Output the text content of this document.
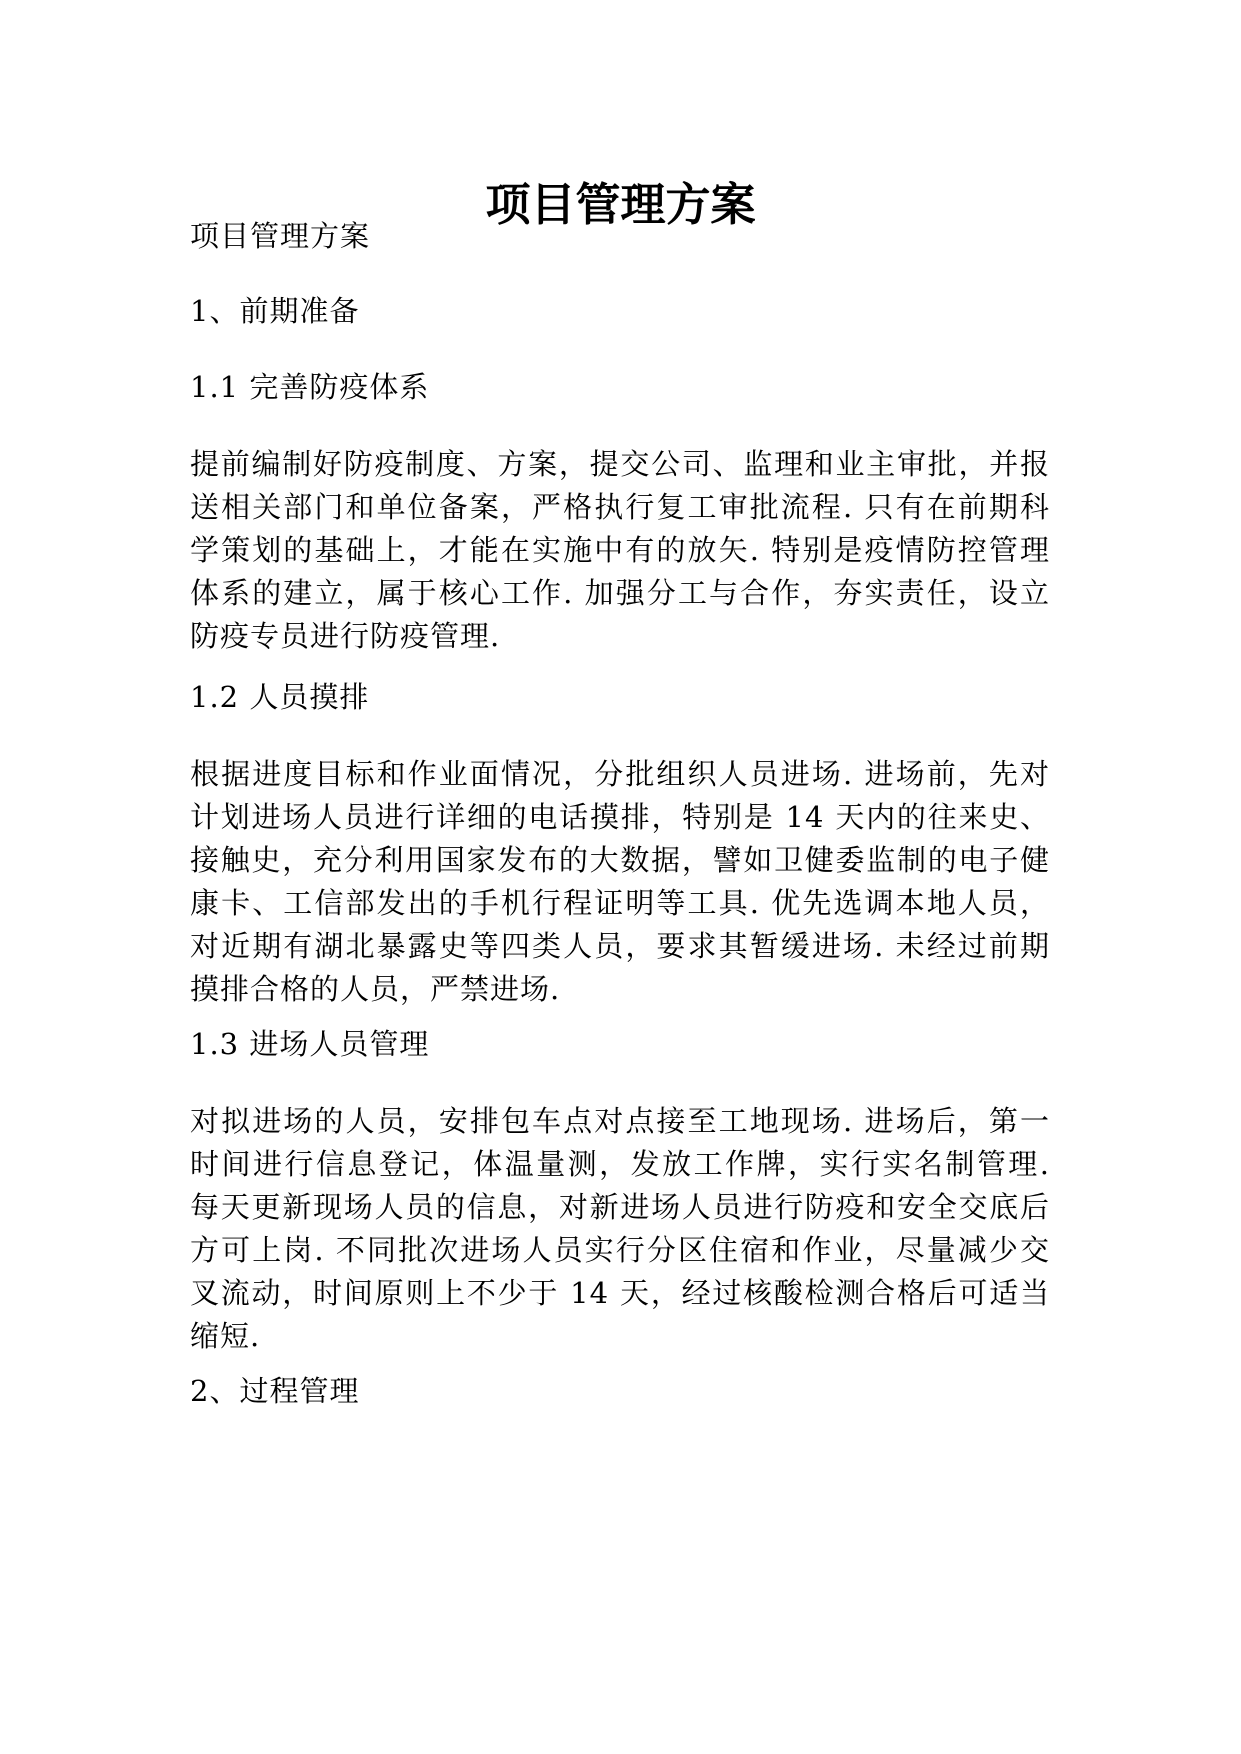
项目管理方案

项目管理方案

1、前期准备

1.1 完善防疫体系

提前编制好防疫制度、方案，提交公司、监理和业主审批，并报送相关部门和单位备案，严格执行复工审批流程. 只有在前期科学策划的基础上，才能在实施中有的放矢. 特别是疫情防控管理体系的建立，属于核心工作. 加强分工与合作，夯实责任，设立防疫专员进行防疫管理.

1.2 人员摸排

根据进度目标和作业面情况，分批组织人员进场. 进场前，先对计划进场人员进行详细的电话摸排，特别是 14 天内的往来史、接触史，充分利用国家发布的大数据，譬如卫健委监制的电子健康卡、工信部发出的手机行程证明等工具. 优先选调本地人员，对近期有湖北暴露史等四类人员，要求其暂缓进场. 未经过前期摸排合格的人员，严禁进场.

1.3 进场人员管理

对拟进场的人员，安排包车点对点接至工地现场. 进场后，第一时间进行信息登记，体温量测，发放工作牌，实行实名制管理. 每天更新现场人员的信息，对新进场人员进行防疫和安全交底后方可上岗. 不同批次进场人员实行分区住宿和作业，尽量减少交叉流动，时间原则上不少于 14 天，经过核酸检测合格后可适当缩短.

2、过程管理
